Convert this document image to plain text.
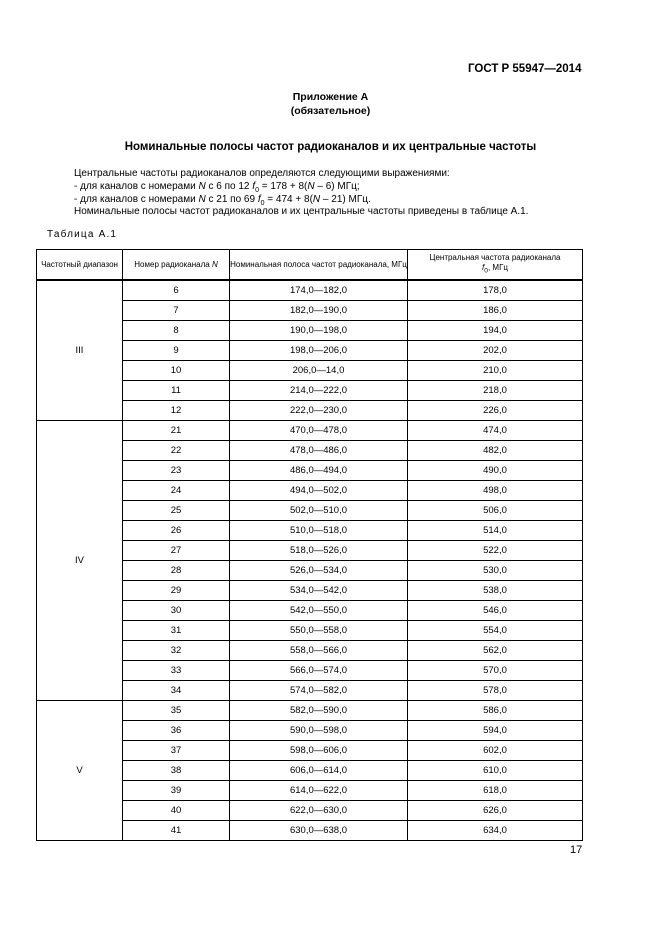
ГОСТ Р 55947—2014
Приложение А
(обязательное)
Номинальные полосы частот радиоканалов и их центральные частоты
Центральные частоты радиоканалов определяются следующими выражениями:
- для каналов с номерами N с 6 по 12 $f_0 = 178 + 8(N - 6)$ МГц;
- для каналов с номерами N с 21 по 69 $f_0 = 474 + 8(N - 21)$ МГц.
Номинальные полосы частот радиоканалов и их центральные частоты приведены в таблице А.1.
Таблица А.1
Частотный диапазон	Номер радиоканала N	Номинальная полоса частот радиоканала, МГц	Центральная частота радиоканала
$f_0$, МГц
III	6	174,0—182,0	178,0
	7	182,0—190,0	186,0
	8	190,0—198,0	194,0
	9	198,0—206,0	202,0
	10	206,0—14,0	210,0
	11	214,0—222,0	218,0
	12	222,0—230,0	226,0
IV	21	470,0—478,0	474,0
	22	478,0—486,0	482,0
	23	486,0—494,0	490,0
	24	494,0—502,0	498,0
	25	502,0—510,0	506,0
	26	510,0—518,0	514,0
	27	518,0—526,0	522,0
	28	526,0—534,0	530,0
	29	534,0—542,0	538,0
	30	542,0—550,0	546,0
	31	550,0—558,0	554,0
	32	558,0—566,0	562,0
	33	566,0—574,0	570,0
	34	574,0—582,0	578,0
V	35	582,0—590,0	586,0
	36	590,0—598,0	594,0
	37	598,0—606,0	602,0
	38	606,0—614,0	610,0
	39	614,0—622,0	618,0
	40	622,0—630,0	626,0
	41	630,0—638,0	634,0
17
